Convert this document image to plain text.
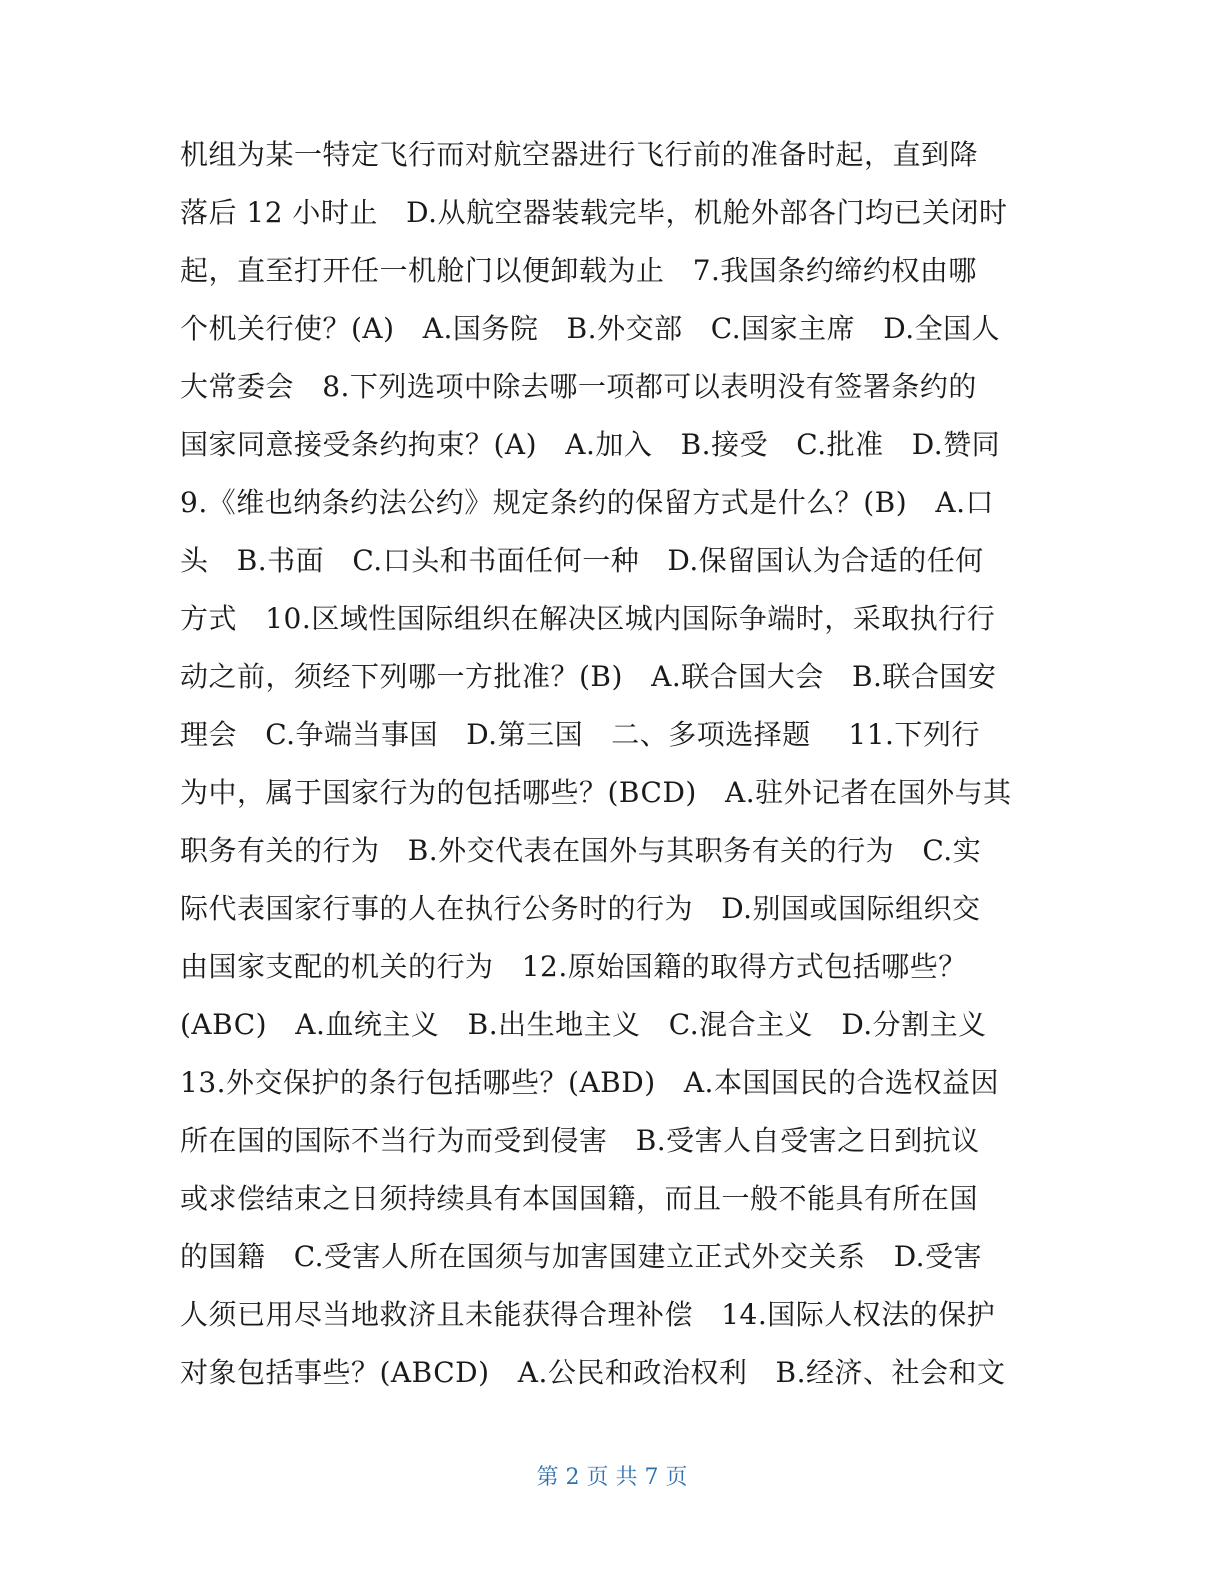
机组为某一特定飞行而对航空器进行飞行前的准备时起，直到降
落后 12 小时止   D.从航空器装载完毕，机舱外部各门均已关闭时
起，直至打开任一机舱门以便卸载为止   7.我国条约缔约权由哪
个机关行使？(A)   A.国务院   B.外交部   C.国家主席   D.全国人
大常委会   8.下列选项中除去哪一项都可以表明没有签署条约的
国家同意接受条约拘束？(A)   A.加入   B.接受   C.批准   D.赞同
9.《维也纳条约法公约》规定条约的保留方式是什么？(B)   A.口
头   B.书面   C.口头和书面任何一种   D.保留国认为合适的任何
方式   10.区域性国际组织在解决区城内国际争端时，采取执行行
动之前，须经下列哪一方批准？(B)   A.联合国大会   B.联合国安
理会   C.争端当事国   D.第三国   二、多项选择题    11.下列行
为中，属于国家行为的包括哪些？(BCD)   A.驻外记者在国外与其
职务有关的行为   B.外交代表在国外与其职务有关的行为   C.实
际代表国家行事的人在执行公务时的行为   D.别国或国际组织交
由国家支配的机关的行为   12.原始国籍的取得方式包括哪些？
(ABC)   A.血统主义   B.出生地主义   C.混合主义   D.分割主义
13.外交保护的条行包括哪些？(ABD)   A.本国国民的合选权益因
所在国的国际不当行为而受到侵害   B.受害人自受害之日到抗议
或求偿结束之日须持续具有本国国籍，而且一般不能具有所在国
的国籍   C.受害人所在国须与加害国建立正式外交关系   D.受害
人须已用尽当地救济且未能获得合理补偿   14.国际人权法的保护
对象包括事些？(ABCD)   A.公民和政治权利   B.经济、社会和文
第 2 页 共 7 页
